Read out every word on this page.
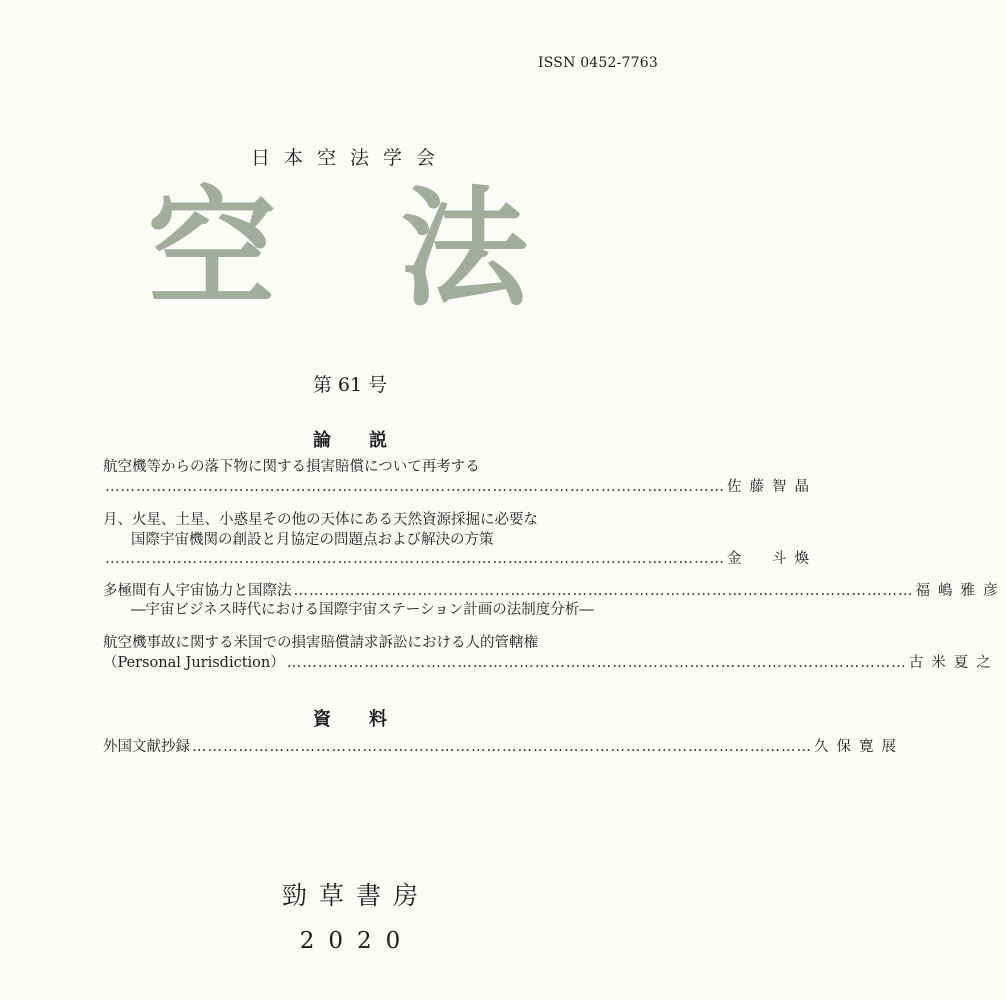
ISSN 0452-7763
日本空法学会
空 法
第 61 号
論説
航空機等からの落下物に関する損害賠償について再考する
………………………………………………………………………………………………………… 佐藤智晶
月、火星、土星、小惑星その他の天体にある天然資源採掘に必要な
国際宇宙機関の創設と月協定の問題点および解決の方策
………………………………………………………………………………………………………… 金　斗煥
多極間有人宇宙協力と国際法 ………………………………………………………………………………………………………… 福嶋雅彦
―宇宙ビジネス時代における国際宇宙ステーション計画の法制度分析―
航空機事故に関する米国での損害賠償請求訴訟における人的管轄権
（Personal Jurisdiction） ………………………………………………………………………………………………………… 古米夏之
資料
外国文献抄録 ………………………………………………………………………………………………………… 久保寛展
勁草書房
2020
